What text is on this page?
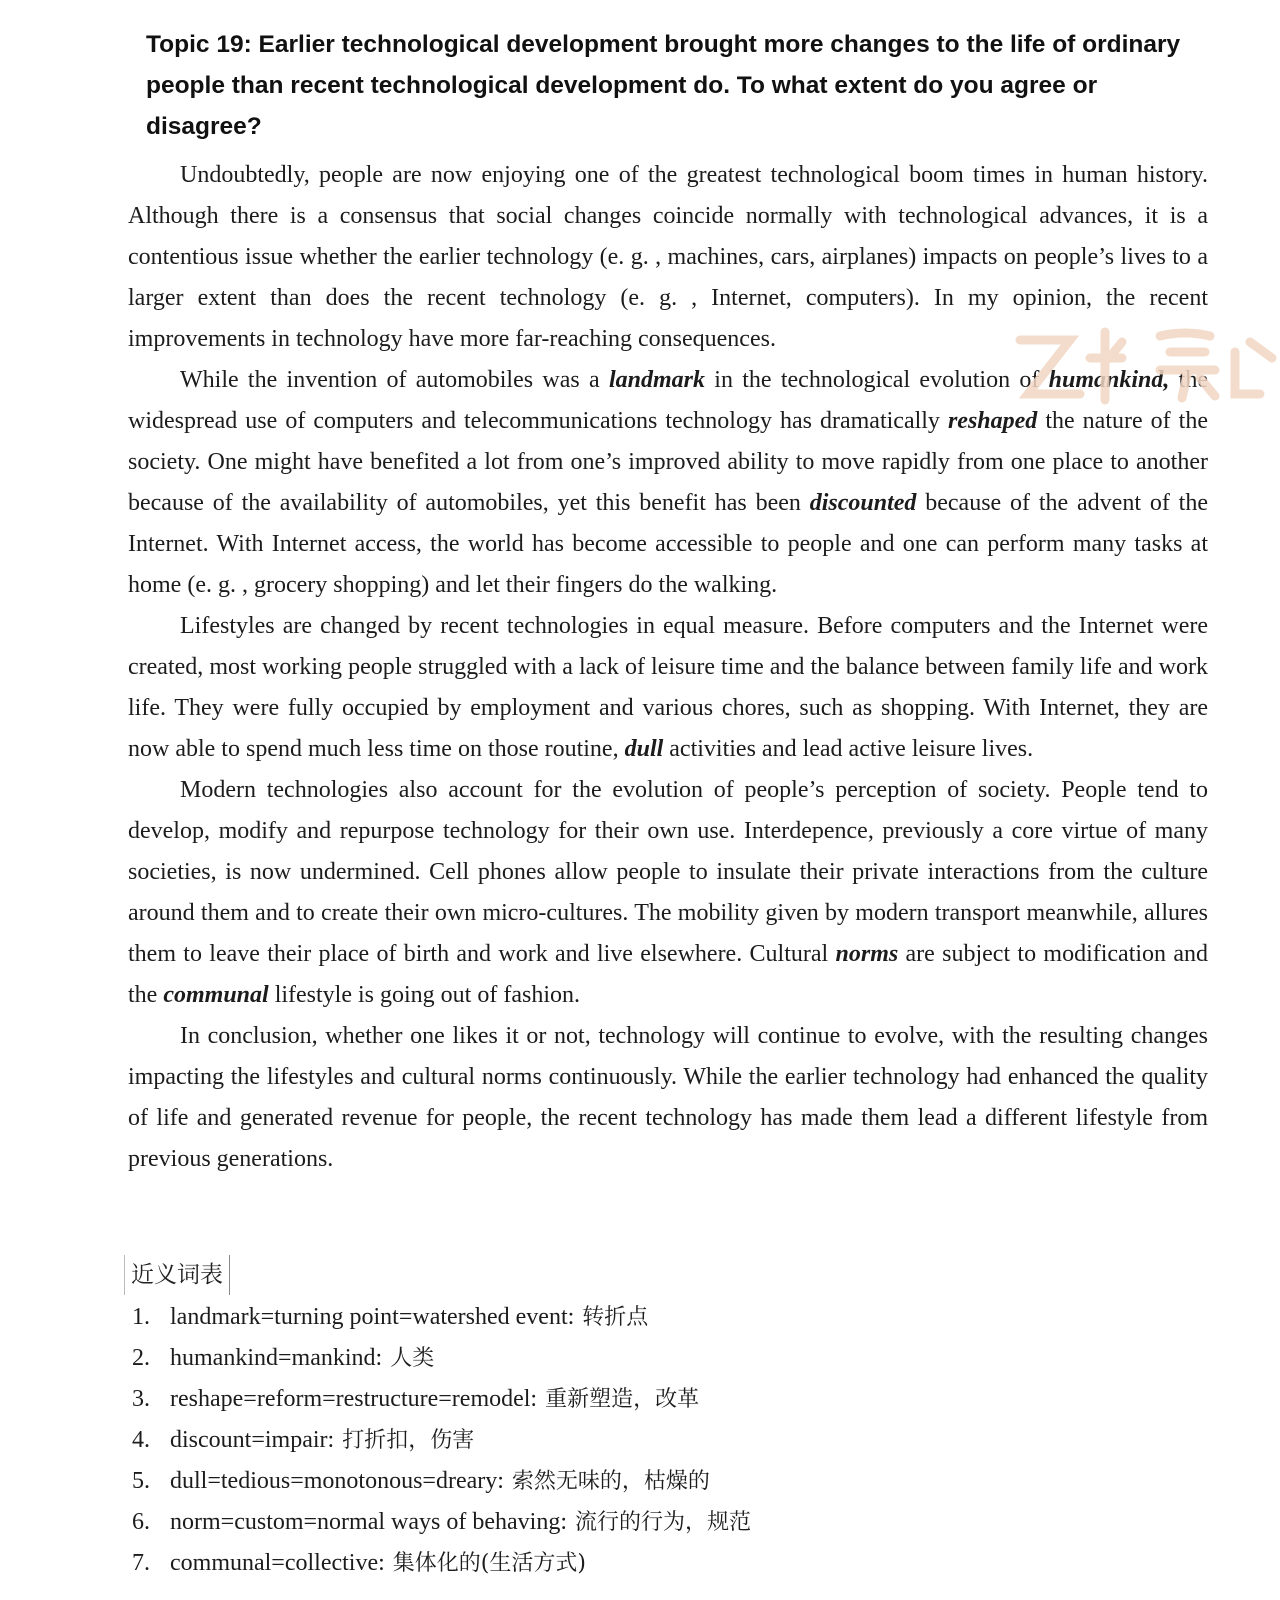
Topic 19: Earlier technological development brought more changes to the life of ordinary people than recent technological development do. To what extent do you agree or disagree?

Undoubtedly, people are now enjoying one of the greatest technological boom times in human history. Although there is a consensus that social changes coincide normally with technological advances, it is a contentious issue whether the earlier technology (e. g. , machines, cars, airplanes) impacts on people’s lives to a larger extent than does the recent technology (e. g. , Internet, computers). In my opinion, the recent improvements in technology have more far-reaching consequences.

While the invention of automobiles was a landmark in the technological evolution of humankind, the widespread use of computers and telecommunications technology has dramatically reshaped the nature of the society. One might have benefited a lot from one’s improved ability to move rapidly from one place to another because of the availability of automobiles, yet this benefit has been discounted because of the advent of the Internet. With Internet access, the world has become accessible to people and one can perform many tasks at home (e. g. , grocery shopping) and let their fingers do the walking.

Lifestyles are changed by recent technologies in equal measure. Before computers and the Internet were created, most working people struggled with a lack of leisure time and the balance between family life and work life. They were fully occupied by employment and various chores, such as shopping. With Internet, they are now able to spend much less time on those routine, dull activities and lead active leisure lives.

Modern technologies also account for the evolution of people’s perception of society. People tend to develop, modify and repurpose technology for their own use. Interdepence, previously a core virtue of many societies, is now undermined. Cell phones allow people to insulate their private interactions from the culture around them and to create their own micro-cultures. The mobility given by modern transport meanwhile, allures them to leave their place of birth and work and live elsewhere. Cultural norms are subject to modification and the communal lifestyle is going out of fashion.

In conclusion, whether one likes it or not, technology will continue to evolve, with the resulting changes impacting the lifestyles and cultural norms continuously. While the earlier technology had enhanced the quality of life and generated revenue for people, the recent technology has made them lead a different lifestyle from previous generations.

近义词表
1. landmark=turning point=watershed event: 转折点
2. humankind=mankind: 人类
3. reshape=reform=restructure=remodel: 重新塑造，改革
4. discount=impair: 打折扣，伤害
5. dull=tedious=monotonous=dreary: 索然无味的，枯燥的
6. norm=custom=normal ways of behaving: 流行的行为，规范
7. communal=collective: 集体化的(生活方式)
